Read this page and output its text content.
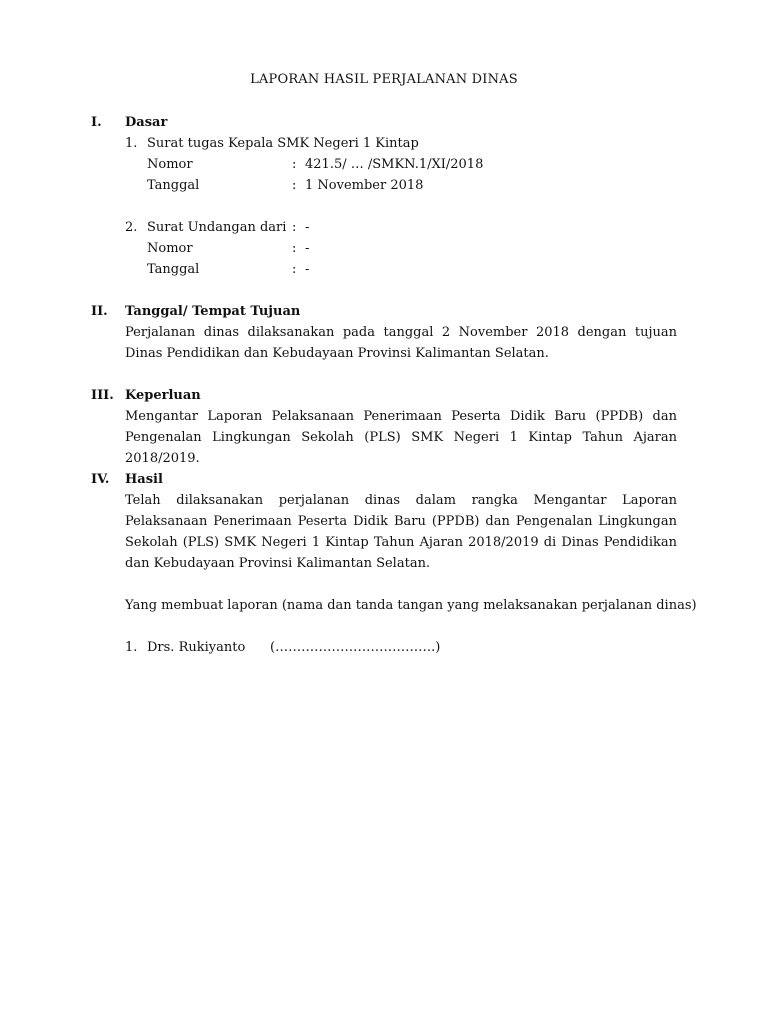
LAPORAN HASIL PERJALANAN DINAS
I. Dasar
1. Surat tugas Kepala SMK Negeri 1 Kintap
Nomor	: 421.5/ … /SMKN.1/XI/2018
Tanggal	: 1 November 2018
2. Surat Undangan dari : -
Nomor	: -
Tanggal	: -
II. Tanggal/ Tempat Tujuan
Perjalanan dinas dilaksanakan pada tanggal 2 November 2018 dengan tujuan Dinas Pendidikan dan Kebudayaan Provinsi Kalimantan Selatan.
III. Keperluan
Mengantar Laporan Pelaksanaan Penerimaan Peserta Didik Baru (PPDB) dan Pengenalan Lingkungan Sekolah (PLS) SMK Negeri 1 Kintap Tahun Ajaran 2018/2019.
IV. Hasil
Telah dilaksanakan perjalanan dinas dalam rangka Mengantar Laporan Pelaksanaan Penerimaan Peserta Didik Baru (PPDB) dan Pengenalan Lingkungan Sekolah (PLS) SMK Negeri 1 Kintap Tahun Ajaran 2018/2019 di Dinas Pendidikan dan Kebudayaan Provinsi Kalimantan Selatan.
Yang membuat laporan (nama dan tanda tangan yang melaksanakan perjalanan dinas)
1. Drs. Rukiyanto (……………………………….)
